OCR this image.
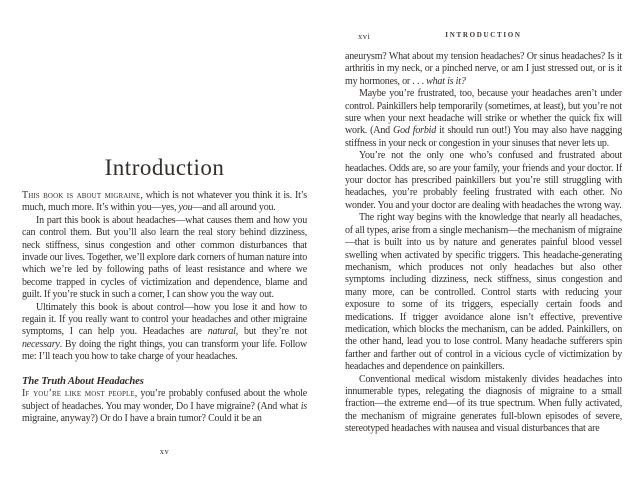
Introduction

This book is about migraine, which is not whatever you think it is. It’s much, much more. It’s within you—yes, you—and all around you.

In part this book is about headaches—what causes them and how you can control them. But you’ll also learn the real story behind dizziness, neck stiffness, sinus congestion and other common disturbances that invade our lives. Together, we’ll explore dark corners of human nature into which we’re led by following paths of least resistance and where we become trapped in cycles of victimization and dependence, blame and guilt. If you’re stuck in such a corner, I can show you the way out.

Ultimately this book is about control—how you lose it and how to regain it. If you really want to control your headaches and other migraine symptoms, I can help you. Headaches are natural, but they’re not necessary. By doing the right things, you can transform your life. Follow me: I’ll teach you how to take charge of your headaches.

The Truth About Headaches

If you’re like most people, you’re probably confused about the whole subject of headaches. You may wonder, Do I have migraine? (And what is migraine, anyway?) Or do I have a brain tumor? Could it be an

xv
xvi	INTRODUCTION

aneurysm? What about my tension headaches? Or sinus headaches? Is it arthritis in my neck, or a pinched nerve, or am I just stressed out, or is it my hormones, or . . . what is it?

Maybe you’re frustrated, too, because your headaches aren’t under control. Painkillers help temporarily (sometimes, at least), but you’re not sure when your next headache will strike or whether the quick fix will work. (And God forbid it should run out!) You may also have nagging stiffness in your neck or congestion in your sinuses that never lets up.

You’re not the only one who’s confused and frustrated about headaches. Odds are, so are your family, your friends and your doctor. If your doctor has prescribed painkillers but you’re still struggling with headaches, you’re probably feeling frustrated with each other. No wonder. You and your doctor are dealing with headaches the wrong way.

The right way begins with the knowledge that nearly all headaches, of all types, arise from a single mechanism—the mechanism of migraine—that is built into us by nature and generates painful blood vessel swelling when activated by specific triggers. This headache-generating mechanism, which produces not only headaches but also other symptoms including dizziness, neck stiffness, sinus congestion and many more, can be controlled. Control starts with reducing your exposure to some of its triggers, especially certain foods and medications. If trigger avoidance alone isn’t effective, preventive medication, which blocks the mechanism, can be added. Painkillers, on the other hand, lead you to lose control. Many headache sufferers spin farther and farther out of control in a vicious cycle of victimization by headaches and dependence on painkillers.

Conventional medical wisdom mistakenly divides headaches into innumerable types, relegating the diagnosis of migraine to a small fraction—the extreme end—of its true spectrum. When fully activated, the mechanism of migraine generates full-blown episodes of severe, stereotyped headaches with nausea and visual disturbances that are
